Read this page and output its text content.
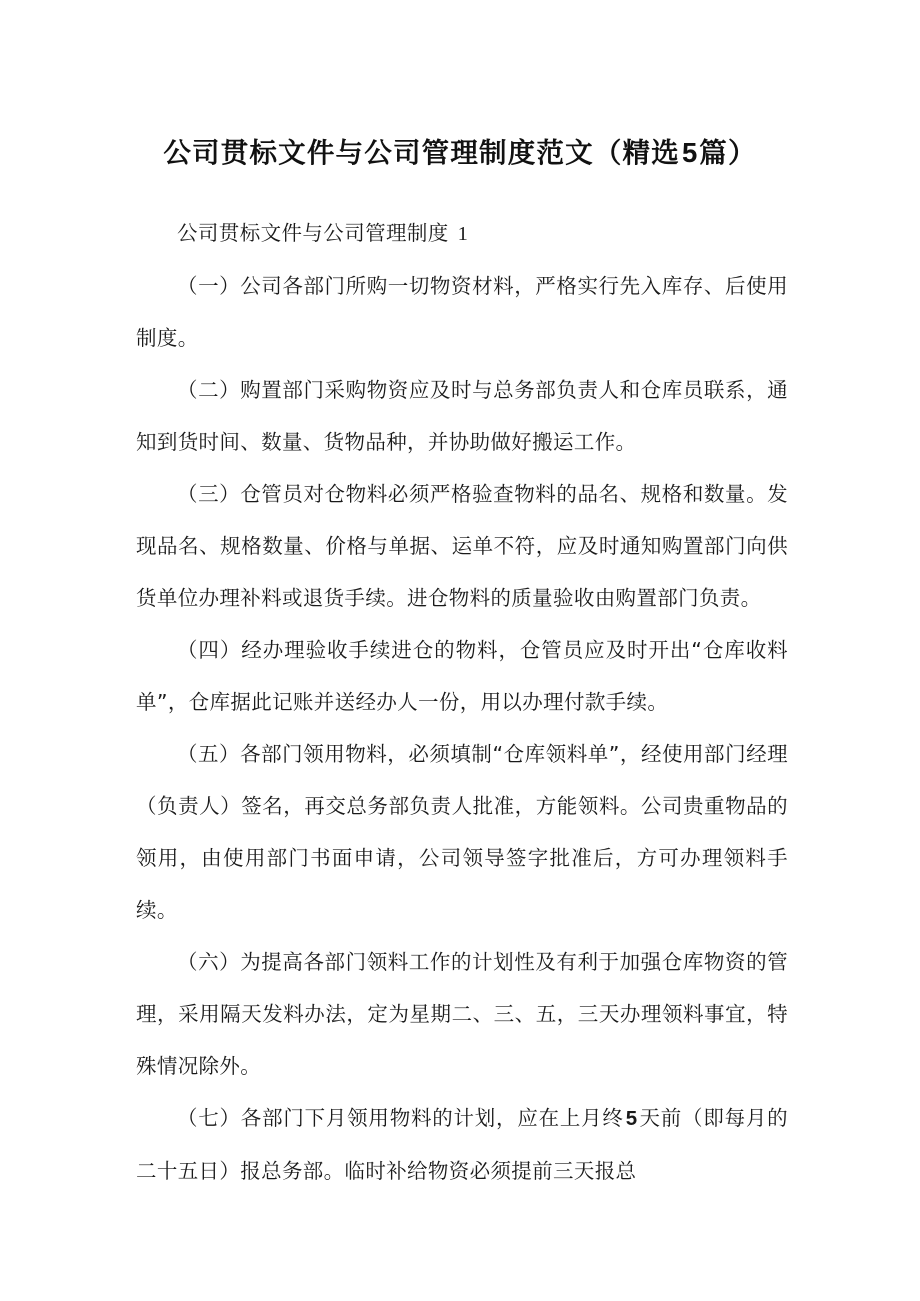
公司贯标文件与公司管理制度范文（精选5篇）

公司贯标文件与公司管理制度 1

（一）公司各部门所购一切物资材料，严格实行先入库存、后使用制度。

（二）购置部门采购物资应及时与总务部负责人和仓库员联系，通知到货时间、数量、货物品种，并协助做好搬运工作。

（三）仓管员对仓物料必须严格验查物料的品名、规格和数量。发现品名、规格数量、价格与单据、运单不符，应及时通知购置部门向供货单位办理补料或退货手续。进仓物料的质量验收由购置部门负责。

（四）经办理验收手续进仓的物料，仓管员应及时开出“仓库收料单”，仓库据此记账并送经办人一份，用以办理付款手续。

（五）各部门领用物料，必须填制“仓库领料单”，经使用部门经理（负责人）签名，再交总务部负责人批准，方能领料。公司贵重物品的领用，由使用部门书面申请，公司领导签字批准后，方可办理领料手续。

（六）为提高各部门领料工作的计划性及有利于加强仓库物资的管理，采用隔天发料办法，定为星期二、三、五，三天办理领料事宜，特殊情况除外。

（七）各部门下月领用物料的计划，应在上月终5天前（即每月的二十五日）报总务部。临时补给物资必须提前三天报总
